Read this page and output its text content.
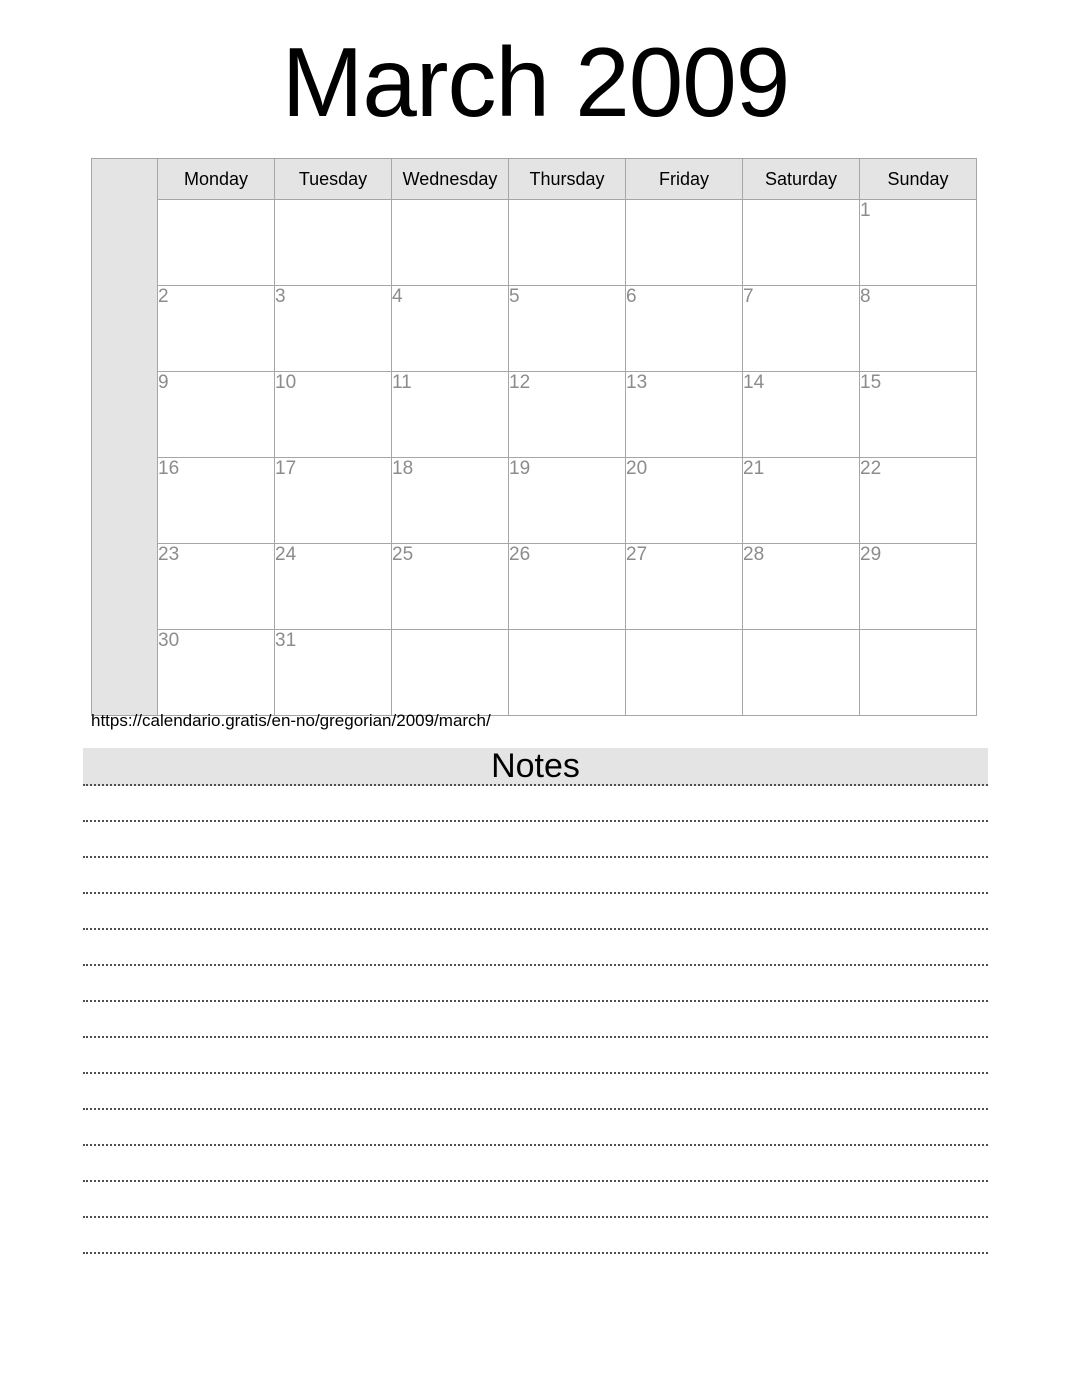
March 2009
	Monday	Tuesday	Wednesday	Thursday	Friday	Saturday	Sunday
							1
	2	3	4	5	6	7	8
	9	10	11	12	13	14	15
	16	17	18	19	20	21	22
	23	24	25	26	27	28	29
	30	31					
https://calendario.gratis/en-no/gregorian/2009/march/
Notes
